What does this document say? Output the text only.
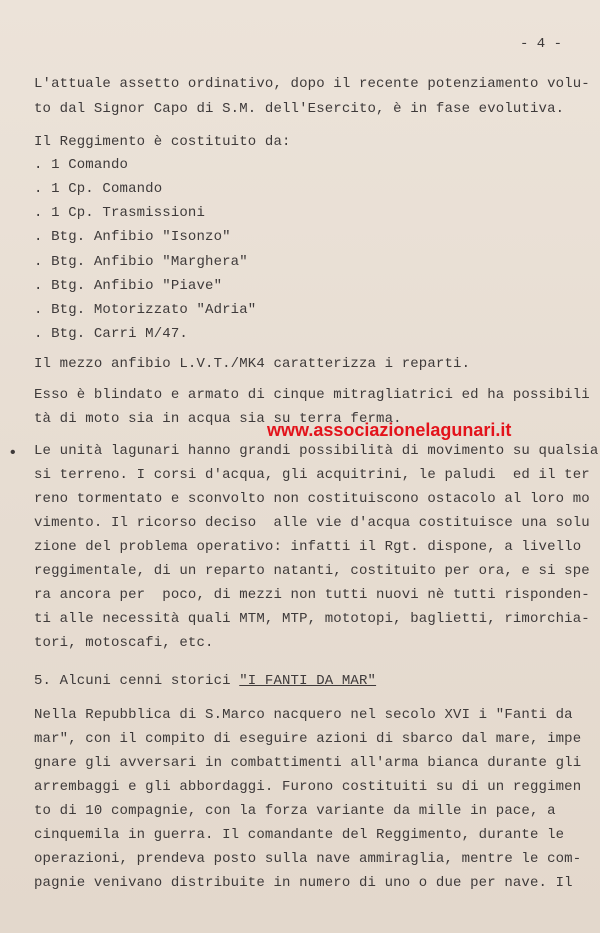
- 4 -
L'attuale assetto ordinativo, dopo il recente potenziamento volu-
to dal Signor Capo di S.M. dell'Esercito, è in fase evolutiva.
Il Reggimento è costituito da:
. 1 Comando
. 1 Cp. Comando
. 1 Cp. Trasmissioni
. Btg. Anfibio "Isonzo"
. Btg. Anfibio "Marghera"
. Btg. Anfibio "Piave"
. Btg. Motorizzato "Adria"
. Btg. Carri M/47.
Il mezzo anfibio L.V.T./MK4 caratterizza i reparti.
Esso è blindato e armato di cinque mitragliatrici ed ha possibili
tà di moto sia in acqua sia su terra ferma.
www.associazionelagunari.it
• Le unità lagunari hanno grandi possibilità di movimento su qualsia
si terreno. I corsi d'acqua, gli acquitrini, le paludi  ed il ter
reno tormentato e sconvolto non costituiscono ostacolo al loro mo
vimento. Il ricorso deciso  alle vie d'acqua costituisce una solu
zione del problema operativo: infatti il Rgt. dispone, a livello
reggimentale, di un reparto natanti, costituito per ora, e si spe
ra ancora per  poco, di mezzi non tutti nuovi nè tutti risponden-
ti alle necessità quali MTM, MTP, mototopi, baglietti, rimorchia-
tori, motoscafi, etc.
5. Alcuni cenni storici "I FANTI DA MAR"
Nella Repubblica di S.Marco nacquero nel secolo XVI i "Fanti da
mar", con il compito di eseguire azioni di sbarco dal mare, impe
gnare gli avversari in combattimenti all'arma bianca durante gli
arrembaggi e gli abbordaggi. Furono costituiti su di un reggimen
to di 10 compagnie, con la forza variante da mille in pace, a
cinquemila in guerra. Il comandante del Reggimento, durante le
operazioni, prendeva posto sulla nave ammiraglia, mentre le com-
pagnie venivano distribuite in numero di uno o due per nave. Il
